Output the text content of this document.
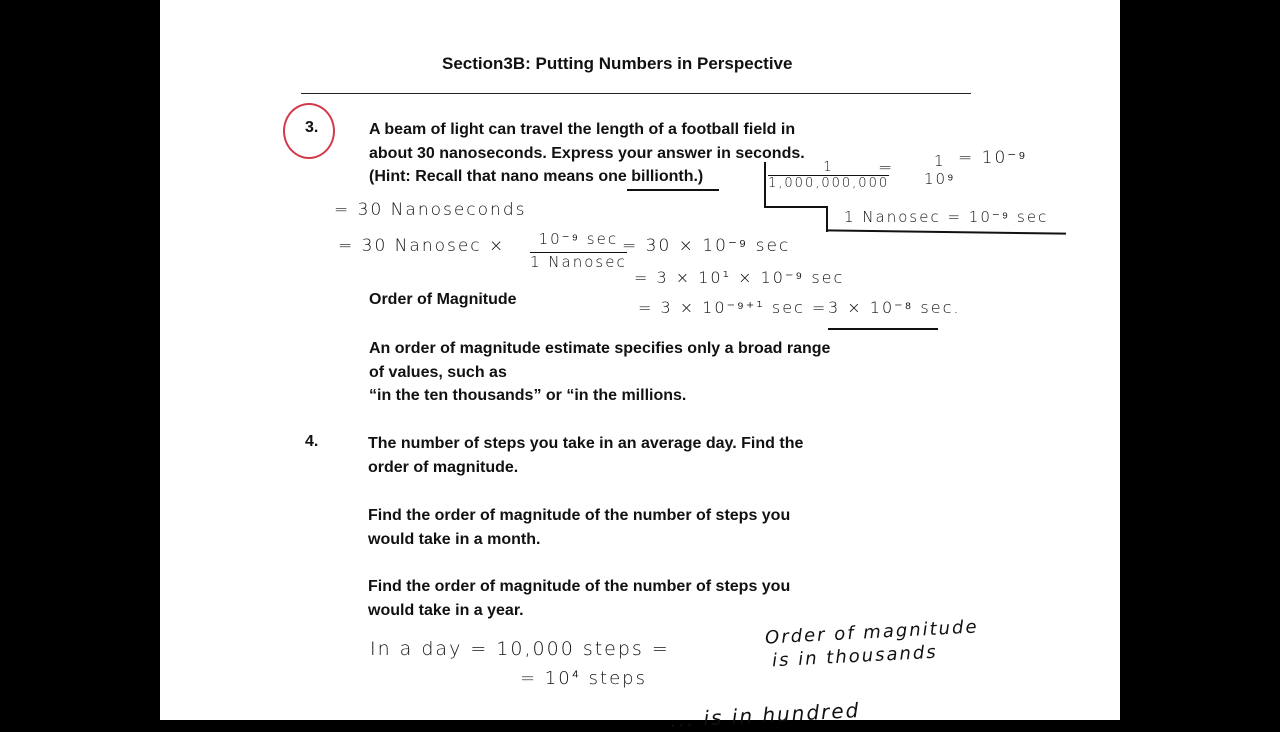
Section3B: Putting Numbers in Perspective
3.	A beam of light can travel the length of a football field in
about 30 nanoseconds. Express your answer in seconds.
(Hint: Recall that nano means one billionth.)
1
1,000,000,000
=	1
10⁹
= 10⁻⁹
1 Nanosec = 10⁻⁹ sec
= 30 Nanoseconds
= 30 Nanosec ×	10⁻⁹ sec
1 Nanosec
= 30 × 10⁻⁹ sec
= 3 × 10¹ × 10⁻⁹ sec
Order of Magnitude	= 3 × 10⁻⁹⁺¹ sec = 3 × 10⁻⁸ sec.
An order of magnitude estimate specifies only a broad range
of values, such as
“in the ten thousands” or “in the millions.
4.	The number of steps you take in an average day. Find the
order of magnitude.
Find the order of magnitude of the number of steps you
would take in a month.
Find the order of magnitude of the number of steps you
would take in a year.
In a day = 10,000 steps =
Order of magnitude
is in thousands
= 10⁴ steps
... is in hundred
